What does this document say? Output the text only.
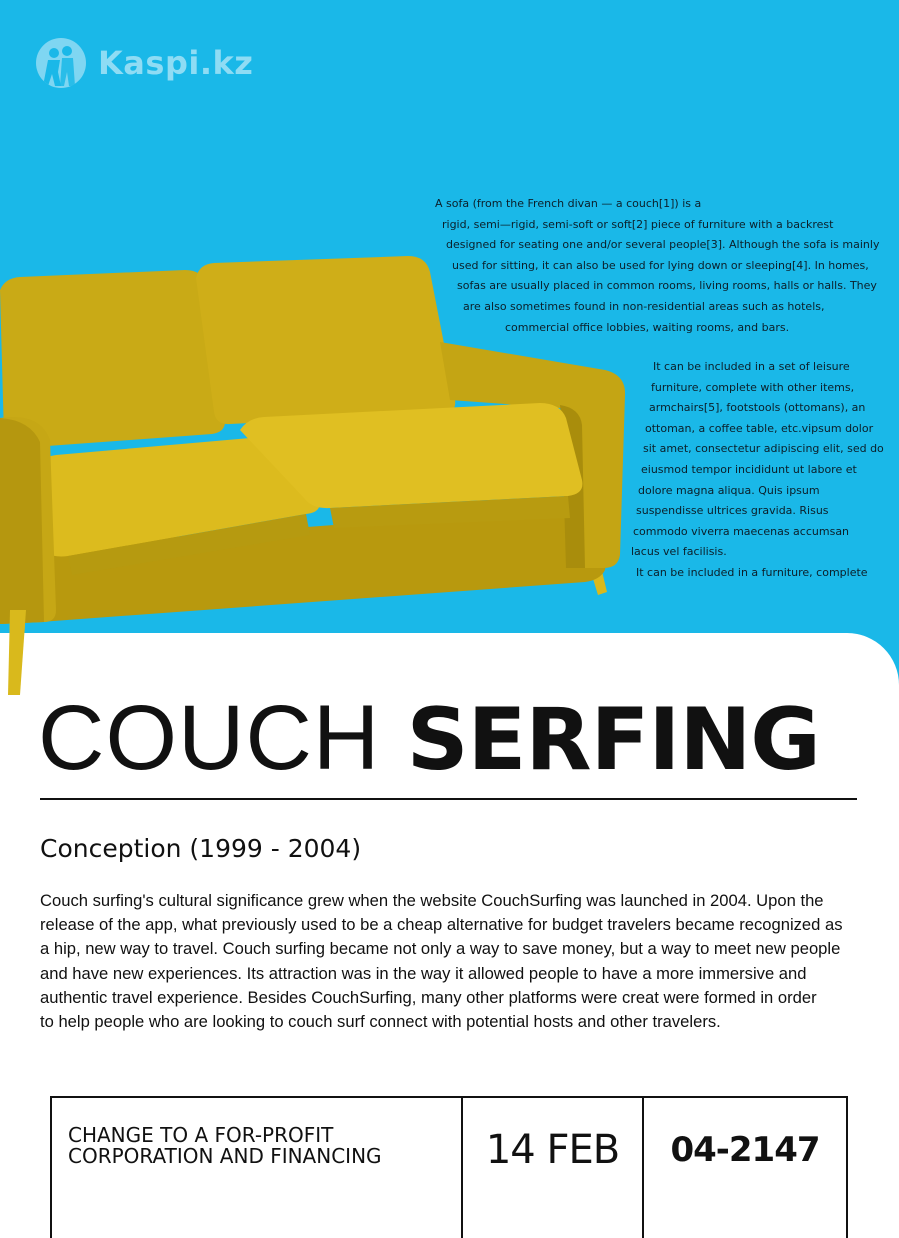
Kaspi.kz

A sofa (from the French divan — a couch[1]) is a
rigid, semi—rigid, semi-soft or soft[2] piece of furniture with a backrest
designed for seating one and/or several people[3]. Although the sofa is mainly
used for sitting, it can also be used for lying down or sleeping[4]. In homes,
sofas are usually placed in common rooms, living rooms, halls or halls. They
are also sometimes found in non-residential areas such as hotels,
commercial office lobbies, waiting rooms, and bars.

It can be included in a set of leisure
furniture, complete with other items,
armchairs[5], footstools (ottomans), an
ottoman, a coffee table, etc.vipsum dolor
sit amet, consectetur adipiscing elit, sed do
eiusmod tempor incididunt ut labore et
dolore magna aliqua. Quis ipsum
suspendisse ultrices gravida. Risus
commodo viverra maecenas accumsan
lacus vel facilisis.
It can be included in a furniture, complete

COUCH SERFING
Conception (1999 - 2004)

Couch surfing's cultural significance grew when the website CouchSurfing was launched in 2004. Upon the
release of the app, what previously used to be a cheap alternative for budget travelers became recognized as
a hip, new way to travel. Couch surfing became not only a way to save money, but a way to meet new people
and have new experiences. Its attraction was in the way it allowed people to have a more immersive and
authentic travel experience. Besides CouchSurfing, many other platforms were creat were formed in order
to help people who are looking to couch surf connect with potential hosts and other travelers.

CHANGE TO A FOR-PROFIT
CORPORATION AND FINANCING	14 FEB	04-2147
